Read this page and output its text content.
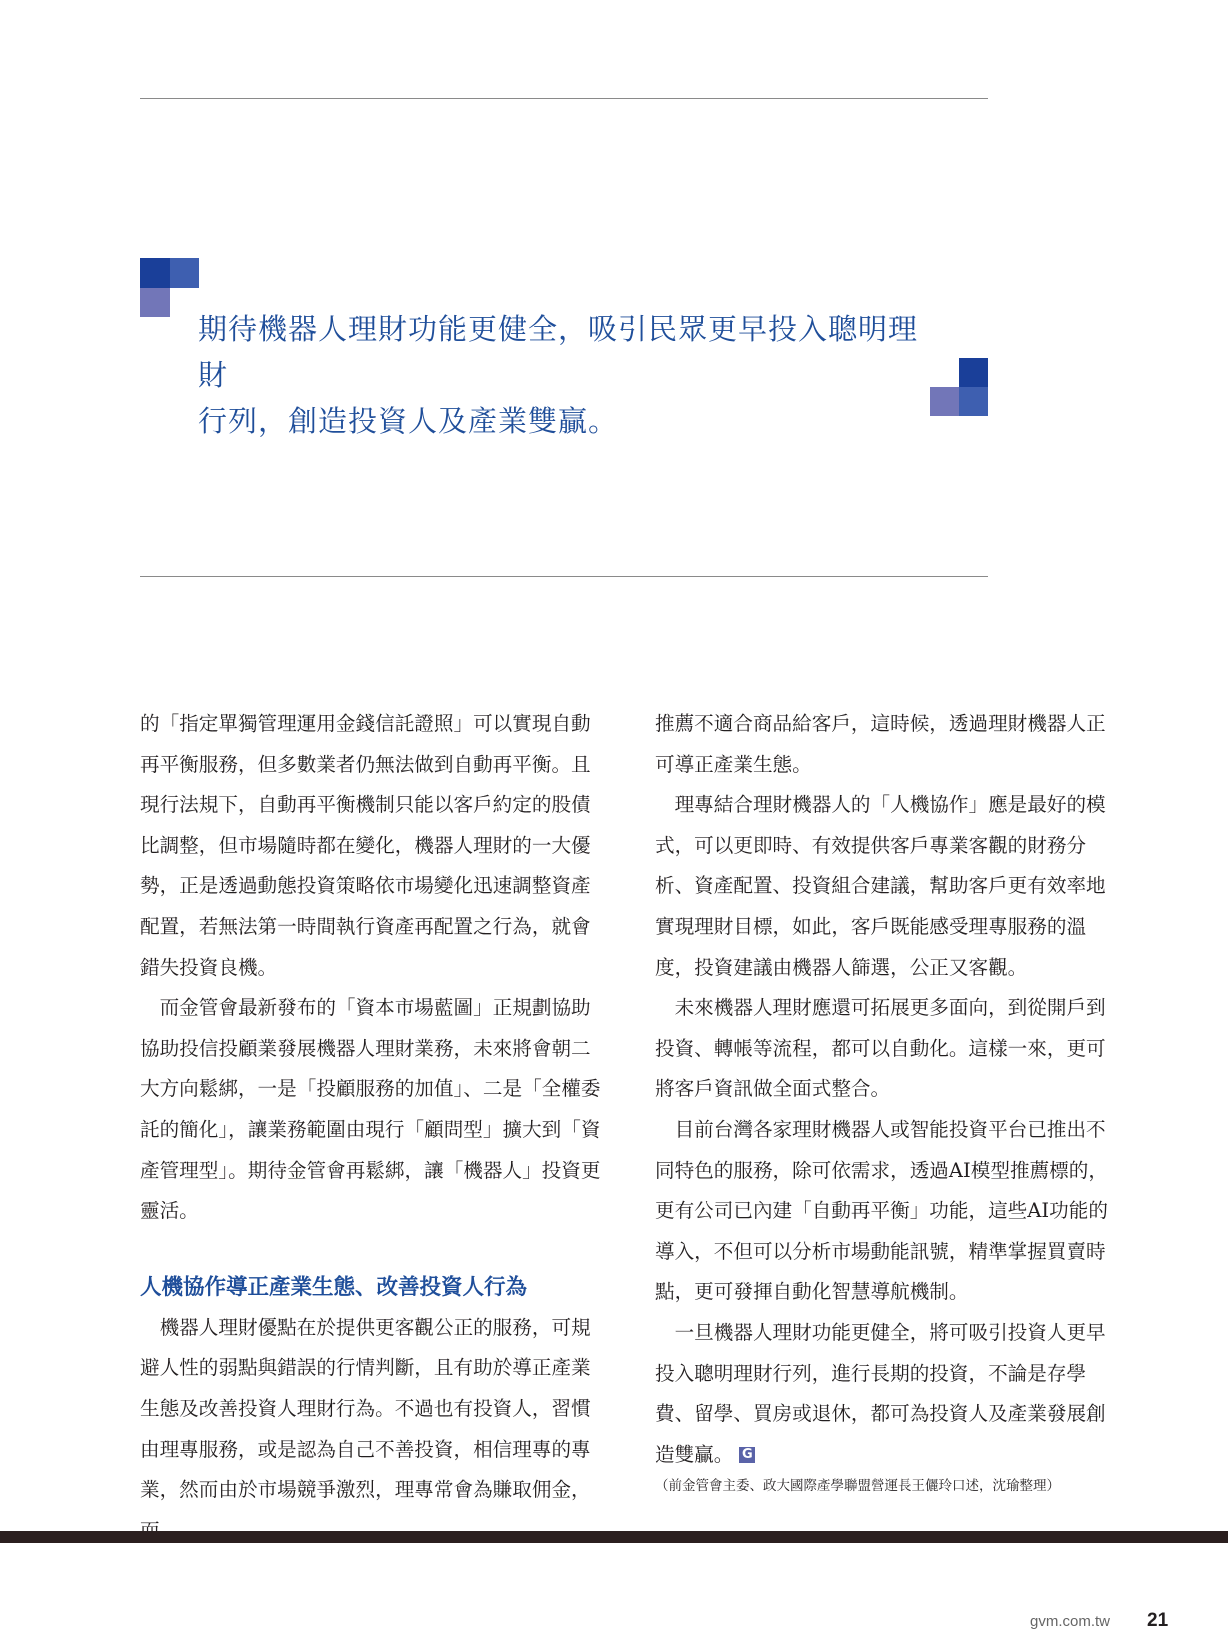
期待機器人理財功能更健全，吸引民眾更早投入聰明理財

行列，創造投資人及產業雙贏。

的「指定單獨管理運用金錢信託證照」可以實現自動再平衡服務，但多數業者仍無法做到自動再平衡。且現行法規下，自動再平衡機制只能以客戶約定的股債比調整，但市場隨時都在變化，機器人理財的一大優勢，正是透過動態投資策略依市場變化迅速調整資產配置，若無法第一時間執行資產再配置之行為，就會錯失投資良機。

而金管會最新發布的「資本市場藍圖」正規劃協助協助投信投顧業發展機器人理財業務，未來將會朝二大方向鬆綁，一是「投顧服務的加值」、二是「全權委託的簡化」，讓業務範圍由現行「顧問型」擴大到「資產管理型」。期待金管會再鬆綁，讓「機器人」投資更靈活。

人機協作導正產業生態、改善投資人行為

機器人理財優點在於提供更客觀公正的服務，可規避人性的弱點與錯誤的行情判斷，且有助於導正產業生態及改善投資人理財行為。不過也有投資人，習慣由理專服務，或是認為自己不善投資，相信理專的專業，然而由於市場競爭激烈，理專常會為賺取佣金，

推薦不適合商品給客戶，這時候，透過理財機器人正可導正產業生態。

理專結合理財機器人的「人機協作」應是最好的模式，可以更即時、有效提供客戶專業客觀的財務分析、資產配置、投資組合建議，幫助客戶更有效率地實現理財目標，如此，客戶既能感受理專服務的溫度，投資建議由機器人篩選，公正又客觀。

未來機器人理財應還可拓展更多面向，到從開戶到投資、轉帳等流程，都可以自動化。這樣一來，更可將客戶資訊做全面式整合。

目前台灣各家理財機器人或智能投資平台已推出不同特色的服務，除可依需求，透過AI模型推薦標的，更有公司已內建「自動再平衡」功能，這些AI功能的導入，不但可以分析市場動能訊號，精準掌握買賣時點，更可發揮自動化智慧導航機制。

一旦機器人理財功能更健全，將可吸引投資人更早投入聰明理財行列，進行長期的投資，不論是存學費、留學、買房或退休，都可為投資人及產業發展創造雙贏。 G

（前金管會主委、政大國際產學聯盟營運長王儷玲口述，沈瑜整理）
gvm.com.tw 21
